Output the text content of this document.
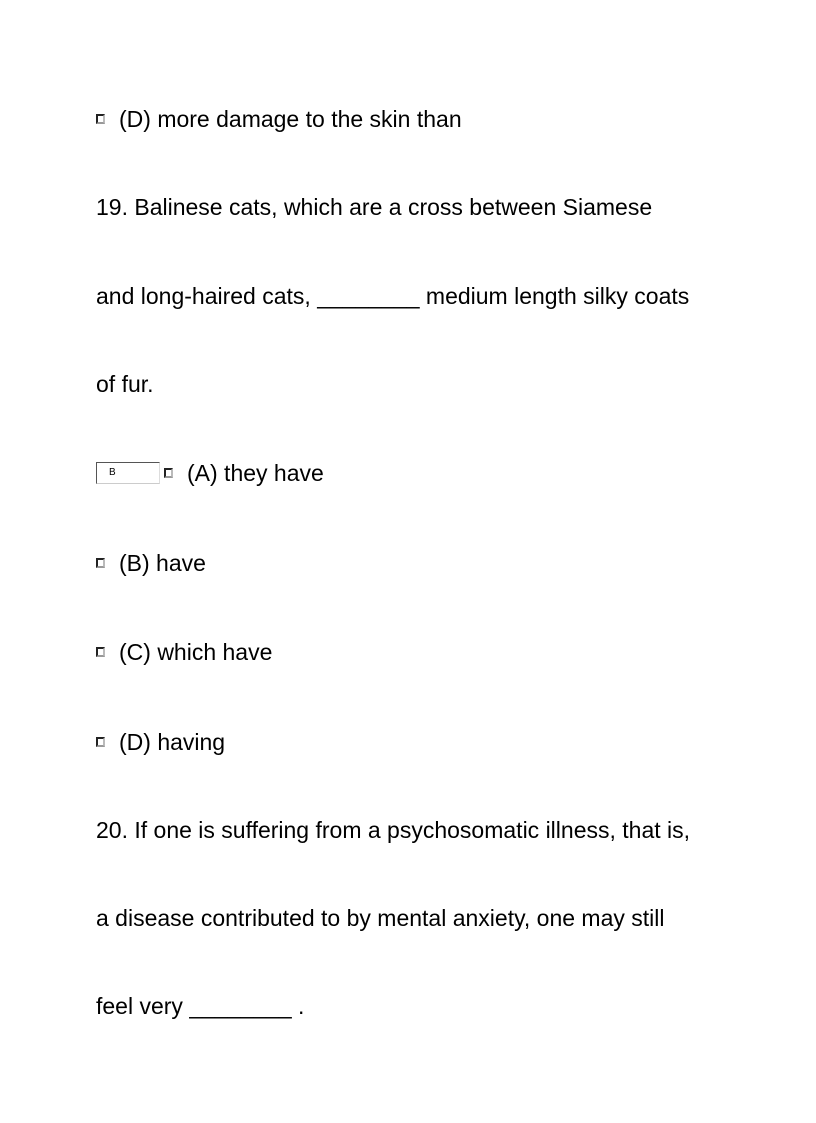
(D) more damage to the skin than
19. Balinese cats, which are a cross between Siamese
and long-haired cats, ________ medium length silky coats
of fur.
B	(A) they have
(B) have
(C) which have
(D) having
20. If one is suffering from a psychosomatic illness, that is,
a disease contributed to by mental anxiety, one may still
feel very ________ .
